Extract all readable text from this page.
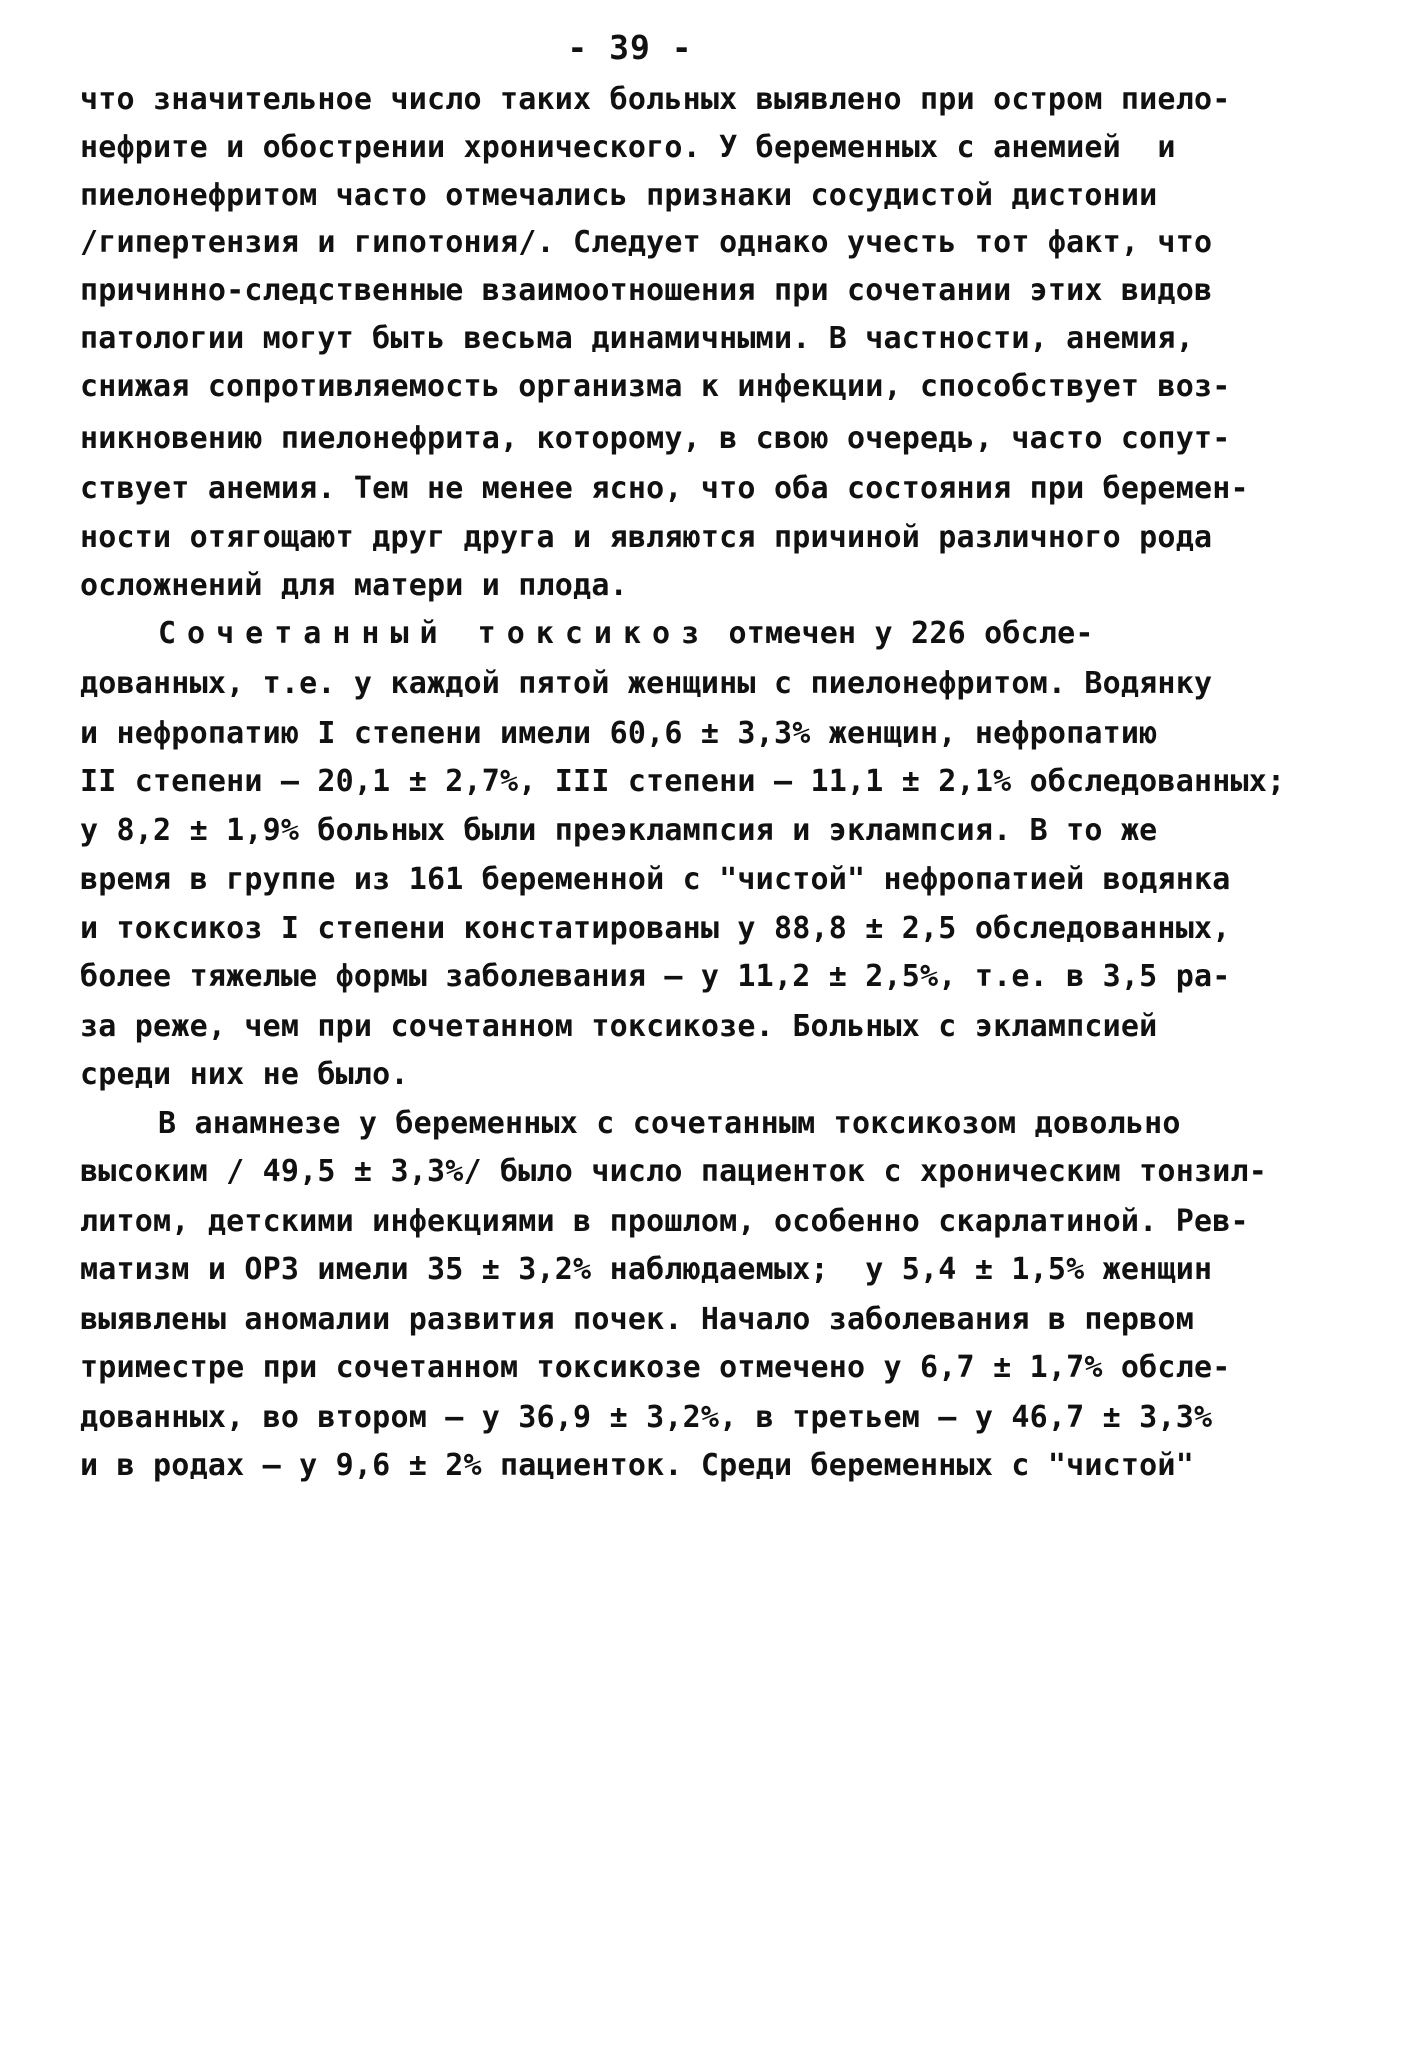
- 39 -
что значительное число таких больных выявлено при остром пиело-
нефрите и обострении хронического. У беременных с анемией  и
пиелонефритом часто отмечались признаки сосудистой дистонии
/гипертензия и гипотония/. Следует однако учесть тот факт, что
причинно-следственные взаимоотношения при сочетании этих видов
патологии могут быть весьма динамичными. В частности, анемия,
снижая сопротивляемость организма к инфекции, способствует воз-
никновению пиелонефрита, которому, в свою очередь, часто сопут-
ствует анемия. Тем не менее ясно, что оба состояния при беремен-
ности отягощают друг друга и являются причиной различного рода
осложнений для матери и плода.
Сочетанный токсикоз отмечен у 226 обсле-
дованных, т.е. у каждой пятой женщины с пиелонефритом. Водянку
и нефропатию I степени имели 60,6 ± 3,3% женщин, нефропатию
II степени – 20,1 ± 2,7%, III степени – 11,1 ± 2,1% обследованных;
у 8,2 ± 1,9% больных были преэклампсия и эклампсия. В то же
время в группе из 161 беременной с "чистой" нефропатией водянка
и токсикоз I степени констатированы у 88,8 ± 2,5 обследованных,
более тяжелые формы заболевания – у 11,2 ± 2,5%, т.е. в 3,5 ра-
за реже, чем при сочетанном токсикозе. Больных с эклампсией
среди них не было.
В анамнезе у беременных с сочетанным токсикозом довольно
высоким / 49,5 ± 3,3%/ было число пациенток с хроническим тонзил-
литом, детскими инфекциями в прошлом, особенно скарлатиной. Рев-
матизм и ОРЗ имели 35 ± 3,2% наблюдаемых;  у 5,4 ± 1,5% женщин
выявлены аномалии развития почек. Начало заболевания в первом
триместре при сочетанном токсикозе отмечено у 6,7 ± 1,7% обсле-
дованных, во втором – у 36,9 ± 3,2%, в третьем – у 46,7 ± 3,3%
и в родах – у 9,6 ± 2% пациенток. Среди беременных с "чистой"
